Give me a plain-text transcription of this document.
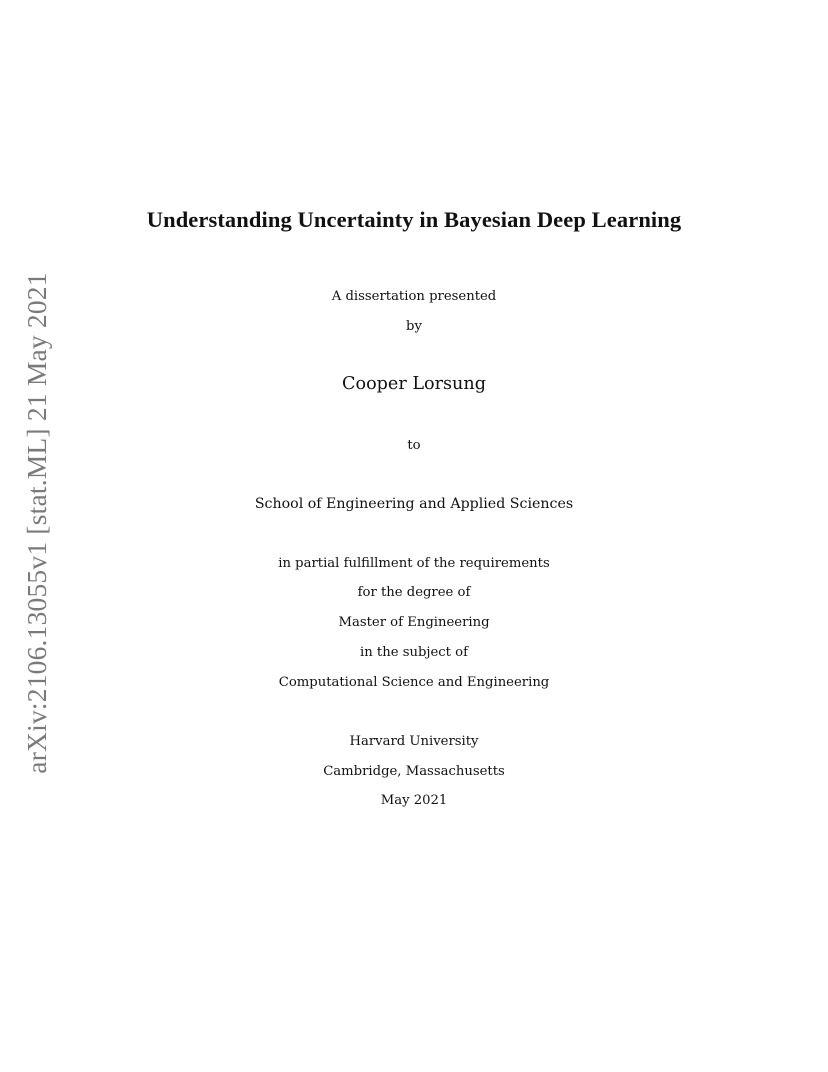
arXiv:2106.13055v1 [stat.ML] 21 May 2021
Understanding Uncertainty in Bayesian Deep Learning
A dissertation presented
by
Cooper Lorsung
to
School of Engineering and Applied Sciences
in partial fulfillment of the requirements
for the degree of
Master of Engineering
in the subject of
Computational Science and Engineering
Harvard University
Cambridge, Massachusetts
May 2021
